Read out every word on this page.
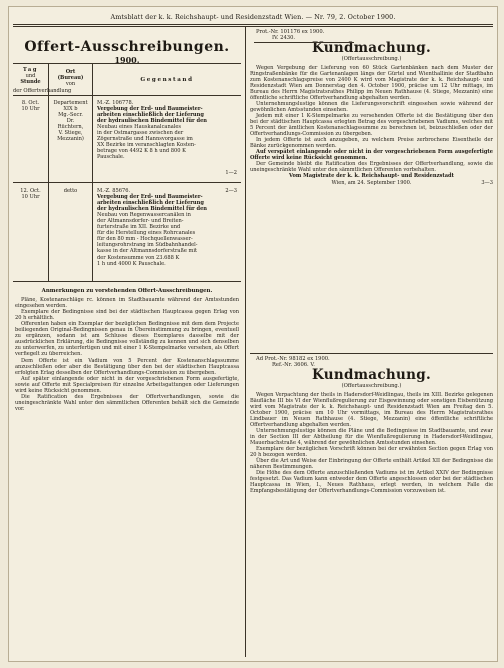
Amtsblatt der k. k. Reichshaupt- und Residenzstadt Wien. — Nr. 79, 2. October 1900.
Offert-Ausschreibungen.
1900.
Tag
und
Stunde
der Offertverhandlung
Ort
(Bureau)
von
Gegenstand
8. Oct.
10 Uhr
Departement
XIX b
Mg.-Secr.
Dr.
Rüchtern,
V. Stiege,
Mezzanin)
M.-Z. 106778.
Vergebung der Erd- und Baumeister-
arbeiten einschließlich der Lieferung
der hydraulischen Bindemittel für den
Neubau eines Hauskanalcanales
in der Ostmargasse zwischen der
Zögernstraße und Hannsvorgasse im
XX Bezirke im veranschlagten Kosten-
betrage von 4492 K 8 h und 800 K
Pauschale.
1—2
12. Oct.
10 Uhr
detto	M.-Z. 85676.
Vergebung der Erd- und Baumeister-
arbeiten einschließlich der Lieferung
der hydraulischen Bindemittel für den
Neubau von Regenwassercanälen in
der Altmannsdorfer- und Breiten-
furterstraße im XII. Bezirke und
für die Herstellung eines Rohrcanales
für den 80 mm - Hochquellenwasser-
leitungsrohrstrang im Südbahnhandel-
kasse in der Altmannsdorferstraße mit
der Kostensumme von 23.688 K
1 h und 4000 K Pauschale.
2—3
Anmerkungen zu vorstehenden Offert-Ausschreibungen.

Pläne, Kostenanschläge rc. können im Stadtbauamte während der Amtsstunden eingesehen werden.

Exemplare der Bedingnisse sind bei der städtischen Hauptcassa gegen Erlag von 20 h erhältlich.

Offerenten haben ein Exemplar der bezüglichen Bedingnisse mit dem dem Projecte beiliegenden Original-Bedingnissen genau in Übereinstimmung zu bringen, eventuell zu ergänzen, sodann ist am Schlusse dieses Exemplares dasselbe mit der ausdrücklichen Erklärung, die Bedingnisse vollständig zu kennen und sich denselben zu unterwerfen, zu unterfertigen und mit einer 1 K-Stempelmarke versehen, als Offert verfiegelt zu überreichen.

Dem Offerte ist ein Vadium von 5 Percent der Kostenanschlagssumme anzuschließen oder aber die Bestätigung über den bei der städtischen Hauptcassa erfolgten Erlag desselben der Offertverhandlungs-Commission zu übergeben.

Auf später einlangende oder nicht in der vorgeschriebenen Form ausgefertigte, sowie auf Offerte mit Specialpreisen für einzelne Arbeitsgattungen oder Lieferungen wird keine Rücksicht genommen.

Die Ratification des Ergebnisses der Offertverhandlungen, sowie die uneingeschränkte Wahl unter den sämmtlichen Offerenten behält sich die Gemeinde vor.

Prot.-Nr. 101176 ex 1900.
IV. 2430.
Kundmachung.
(Offertausschreibung.)

Wegen Vergebung der Lieferung von 60 Stück Gartenbänken nach dem Muster der Ringstraßenbänke für die Gartenanlagen längs der Gürtel und Wienthallinie der Stadtbahn zum Kostenanschlagspreise von 2400 K wird vom Magistrate der k. k. Reichshaupt- und Residenzstadt Wien am Donnerstag den 4. October 1900, präcise um 12 Uhr mittags, im Bureau des Herrn Magistratsrathes Philipp im Neuen Rathhause (4. Stiege, Mezzanin) eine öffentliche schriftliche Offertverhandlung abgehalten werden.

Unternehmungslustige können die Lieferungsvorschrift eingesehen sowie während der gewöhnlichen Amtsstunden einsehen.

Jedem mit einer 1 K-Stempelmarke zu versehenden Offerte ist die Bestätigung über den bei der städtischen Hauptcassa erlegten Betrag des vorgeschriebenen Vadiums, welches mit 5 Percent der ämtlichen Kostenanschlagssumme zu berechnen ist, beizuschließen oder der Offertverhandlungs-Commission zu übergeben.

In jedem Offerte ist auch anzugeben, zu welchem Preise zerbrochene Eisentheile der Bänke zurückgenommen werden.

Auf verspätet einlangende oder nicht in der vorgeschriebenen Form ausgefertigte Offerte wird keine Rücksicht genommen.

Der Gemeinde bleibt die Ratification des Ergebnisses der Offertverhandlung, sowie die uneingeschränkte Wahl unter den sämmtlichen Offerenten vorbehalten.

Vom Magistrate der k. k. Reichshaupt- und Residenzstadt
Wien, am 24. September 1900.	3—3
Ad Prot.-Nr. 98182 ex 1900.
Ref.-Nr. 3606. V.
Kundmachung.
(Offertausschreibung.)

Wegen Verpachtung der theils in Hadersdorf-Weidlingau, theils im XIII. Bezirke gelegenen Bäufläche III bis VI der Wienflußregulierung zur Eisgewinnung oder sonstigen Eisbenützung wird vom Magistrate der k. k. Reichshaupt- und Residenzstadt Wien am Freitag den 5. October 1900, präcise um 10 Uhr vormittags, im Bureau des Herrn Magistratsrathes Lindbauer im Neuen Rathhause (4. Stiege, Mezzanin) eine öffentliche schriftliche Offertverhandlung abgehalten werden.

Unternehmungslustige können die Pläne und die Bedingnisse im Stadtbauamte, und zwar in der Section III der Abtheilung für die Wienflußregulierung in Hadersdorf-Weidlingau, Mauerbachstraße 4, während der gewöhnlichen Amtsstunden einsehen.

Exemplare der bezüglichen Vorschrift können bei der erwähnten Section gegen Erlag von 20 h bezogen werden.

Über die Art und Weise der Einbringung der Offerte enthält Artikel XII der Bedingnisse die näheren Bestimmungen.

Die Höhe des dem Offerte anzuschließenden Vadiums ist im Artikel XXIV der Bedingnisse festgesetzt. Das Vadium kann entweder dem Offerte angeschlossen oder bei der städtischen Hauptcassa in Wien, I., Neues Rathhaus, erlegt werden, in welchem Falle die Empfangsbestätigung der Offertverhandlungs-Commission vorzuweisen ist.
